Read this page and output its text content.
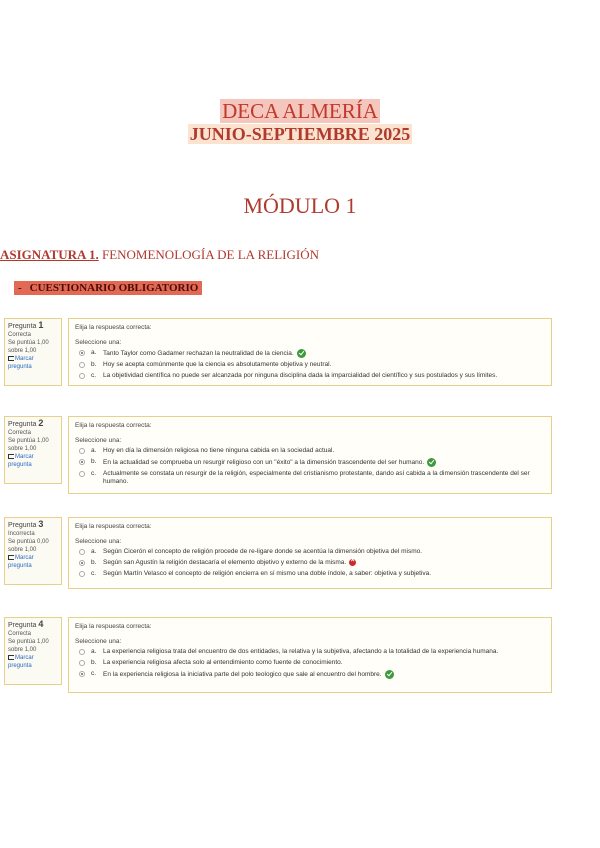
DECA ALMERÍA
JUNIO-SEPTIEMBRE 2025
MÓDULO 1
ASIGNATURA 1. FENOMENOLOGÍA DE LA RELIGIÓN
- CUESTIONARIO OBLIGATORIO
Pregunta 1
Correcta
Se puntúa 1,00 sobre 1,00
Marcar pregunta
Elija la respuesta correcta:
Seleccione una:
a.	Tanto Taylor como Gadamer rechazan la neutralidad de la ciencia.
b.	Hoy se acepta comúnmente que la ciencia es absolutamente objetiva y neutral.
c.	La objetividad científica no puede ser alcanzada por ninguna disciplina dada la imparcialidad del científico y sus postulados y sus límites.
Pregunta 2
Correcta
Se puntúa 1,00 sobre 1,00
Marcar pregunta
Elija la respuesta correcta:
Seleccione una:
a.	Hoy en día la dimensión religiosa no tiene ninguna cabida en la sociedad actual.
b.	En la actualidad se comprueba un resurgir religioso con un "éxito" a la dimensión trascendente del ser humano.
c.	Actualmente se constata un resurgir de la religión, especialmente del cristianismo protestante, dando así cabida a la dimensión trascendente del ser humano.
Pregunta 3
Incorrecta
Se puntúa 0,00 sobre 1,00
Marcar pregunta
Elija la respuesta correcta:
Seleccione una:
a.	Según Cicerón el concepto de religión procede de re-ligare donde se acentúa la dimensión objetiva del mismo.
b.	Según san Agustín la religión destacaría el elemento objetivo y externo de la misma.×
c.	Según Martín Velasco el concepto de religión encierra en sí mismo una doble índole, a saber: objetiva y subjetiva.
Pregunta 4
Correcta
Se puntúa 1,00 sobre 1,00
Marcar pregunta
Elija la respuesta correcta:
Seleccione una:
a.	La experiencia religiosa trata del encuentro de dos entidades, la relativa y la subjetiva, afectando a la totalidad de la experiencia humana.
b.	La experiencia religiosa afecta solo al entendimiento como fuente de conocimiento.
c.	En la experiencia religiosa la iniciativa parte del polo teologico que sale al encuentro del hombre.
